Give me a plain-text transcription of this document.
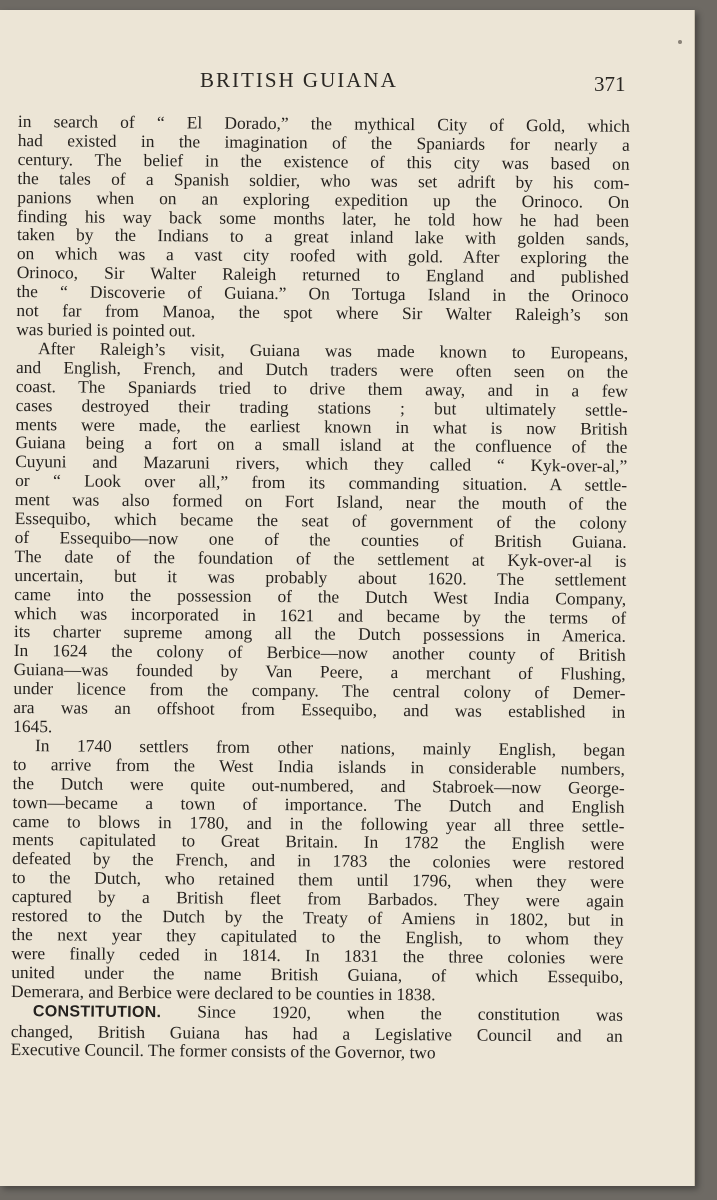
BRITISH GUIANA	371
in search of “ El Dorado,” the mythical City of Gold, which
had existed in the imagination of the Spaniards for nearly a
century. The belief in the existence of this city was based on
the tales of a Spanish soldier, who was set adrift by his com-
panions when on an exploring expedition up the Orinoco. On
finding his way back some months later, he told how he had been
taken by the Indians to a great inland lake with golden sands,
on which was a vast city roofed with gold. After exploring the
Orinoco, Sir Walter Raleigh returned to England and published
the “ Discoverie of Guiana.” On Tortuga Island in the Orinoco
not far from Manoa, the spot where Sir Walter Raleigh’s son
was buried is pointed out.
After Raleigh’s visit, Guiana was made known to Europeans,
and English, French, and Dutch traders were often seen on the
coast. The Spaniards tried to drive them away, and in a few
cases destroyed their trading stations ; but ultimately settle-
ments were made, the earliest known in what is now British
Guiana being a fort on a small island at the confluence of the
Cuyuni and Mazaruni rivers, which they called “ Kyk-over-al,”
or “ Look over all,” from its commanding situation. A settle-
ment was also formed on Fort Island, near the mouth of the
Essequibo, which became the seat of government of the colony
of Essequibo—now one of the counties of British Guiana.
The date of the foundation of the settlement at Kyk-over-al is
uncertain, but it was probably about 1620. The settlement
came into the possession of the Dutch West India Company,
which was incorporated in 1621 and became by the terms of
its charter supreme among all the Dutch possessions in America.
In 1624 the colony of Berbice—now another county of British
Guiana—was founded by Van Peere, a merchant of Flushing,
under licence from the company. The central colony of Demer-
ara was an offshoot from Essequibo, and was established in
1645.
In 1740 settlers from other nations, mainly English, began
to arrive from the West India islands in considerable numbers,
the Dutch were quite out-numbered, and Stabroek—now George-
town—became a town of importance. The Dutch and English
came to blows in 1780, and in the following year all three settle-
ments capitulated to Great Britain. In 1782 the English were
defeated by the French, and in 1783 the colonies were restored
to the Dutch, who retained them until 1796, when they were
captured by a British fleet from Barbados. They were again
restored to the Dutch by the Treaty of Amiens in 1802, but in
the next year they capitulated to the English, to whom they
were finally ceded in 1814. In 1831 the three colonies were
united under the name British Guiana, of which Essequibo,
Demerara, and Berbice were declared to be counties in 1838.
CONSTITUTION. Since 1920, when the constitution was
changed, British Guiana has had a Legislative Council and an
Executive Council. The former consists of the Governor, two
